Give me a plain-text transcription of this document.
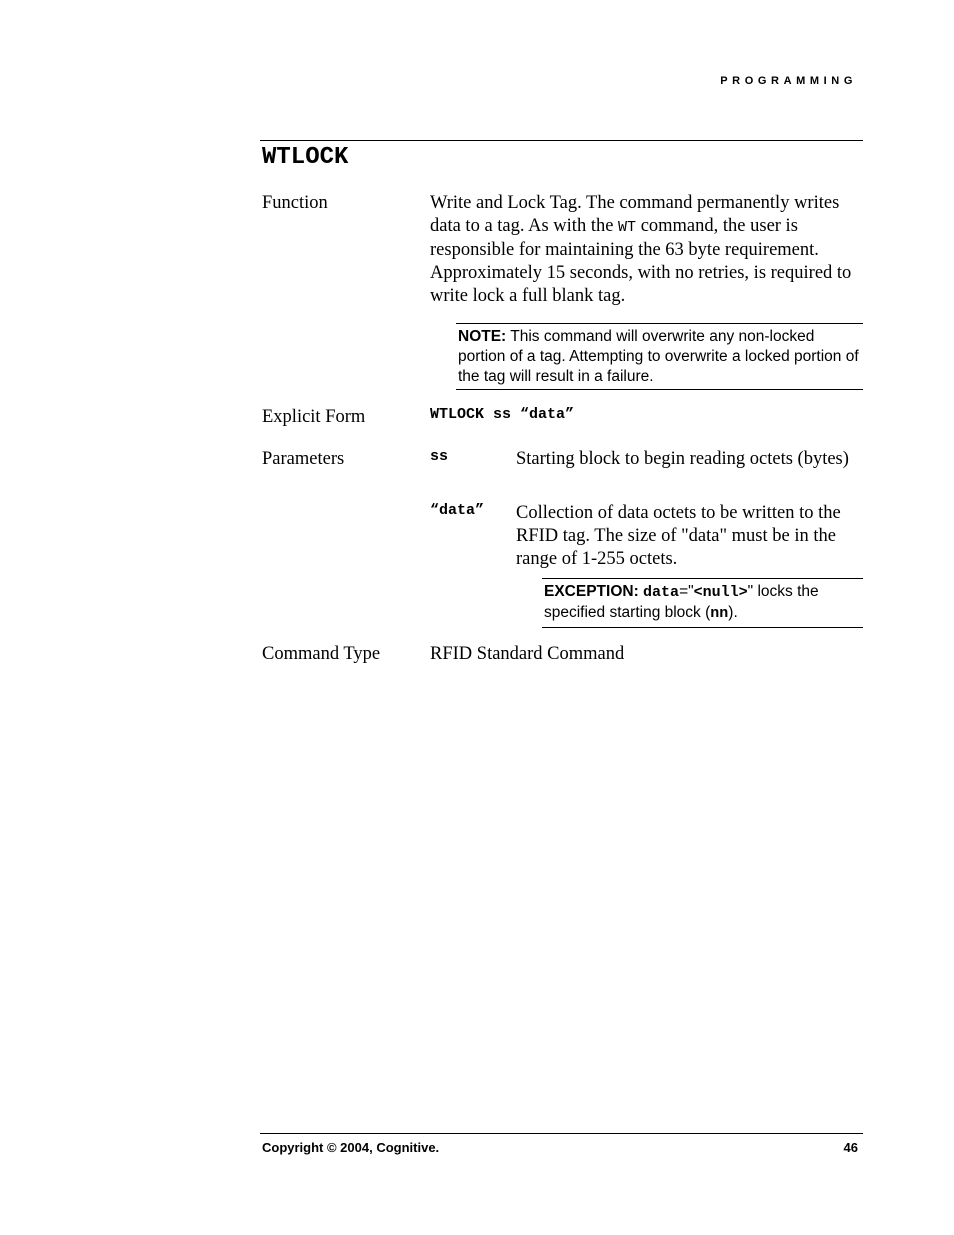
PROGRAMMING
WTLOCK
Function	Write and Lock Tag. The command permanently writes data to a tag. As with the WT command, the user is responsible for maintaining the 63 byte requirement. Approximately 15 seconds, with no retries, is required to write lock a full blank tag.
NOTE: This command will overwrite any non-locked portion of a tag. Attempting to overwrite a locked portion of the tag will result in a failure.
Explicit Form	WTLOCK ss “data”
Parameters	ss	Starting block to begin reading octets (bytes)
“data” Collection of data octets to be written to the RFID tag. The size of "data" must be in the range of 1-255 octets.
EXCEPTION: data="<null>" locks the specified starting block (nn).
Command Type	RFID Standard Command
Copyright © 2004, Cognitive.	46
